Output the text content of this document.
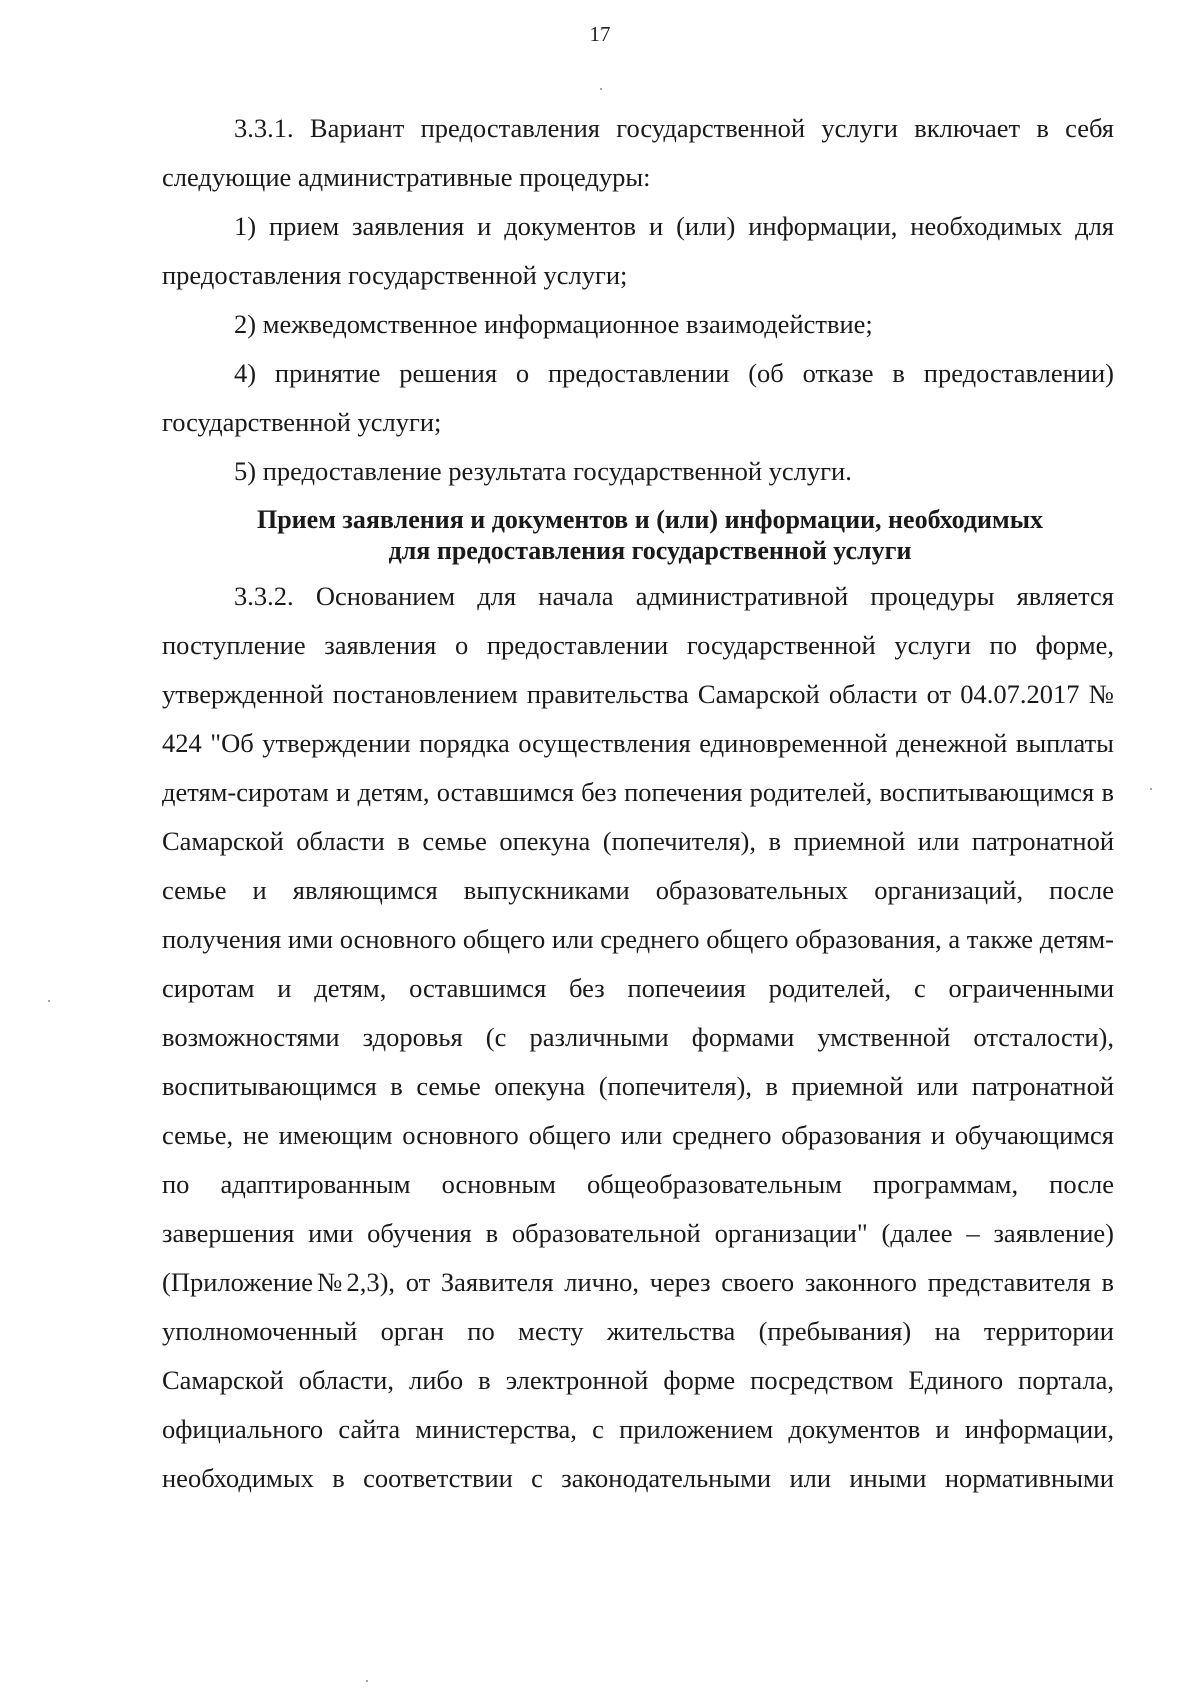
17

3.3.1. Вариант предоставления государственной услуги включает в себя следующие административные процедуры:

1) прием заявления и документов и (или) информации, необходимых для предоставления государственной услуги;

2) межведомственное информационное взаимодействие;

4) принятие решения о предоставлении (об отказе в предоставлении) государственной услуги;

5) предоставление результата государственной услуги.

Прием заявления и документов и (или) информации, необходимых
для предоставления государственной услуги

3.3.2. Основанием для начала административной процедуры является поступление заявления о предоставлении государственной услуги по форме, утвержденной постановлением правительства Самарской области от 04.07.2017 № 424 "Об утверждении порядка осуществления единовременной денежной выплаты детям-сиротам и детям, оставшимся без попечения родителей, воспитывающимся в Самарской области в семье опекуна (попечителя), в приемной или патронатной семье и являющимся выпускниками образовательных организаций, после получения ими основного общего или среднего общего образования, а также детям-сиротам и детям, оставшимся без попечеиия родителей, с ограиченными возможностями здоровья (с различными формами умственной отсталости), воспитывающимся в семье опекуна (попечителя), в приемной или патронатной семье, не имеющим основного общего или среднего образования и обучающимся по адаптированным основным общеобразовательным программам, после завершения ими обучения в образовательной организации" (далее – заявление) (Приложение№2,3), от Заявителя лично, через своего законного представителя в уполномоченный орган по месту жительства (пребывания) на территории Самарской области, либо в электронной форме посредством Единого портала, официального сайта министерства, с приложением документов и информации, необходимых в соответствии с законодательными или иными нормативными
